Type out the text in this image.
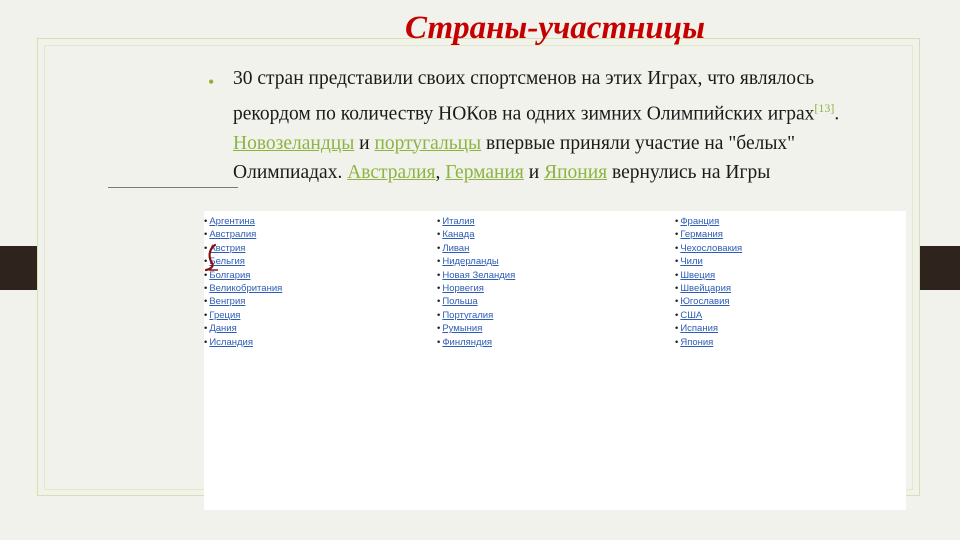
Страны-участницы
• 30 стран представили своих спортсменов на этих Играх, что являлось рекордом по количеству НОКов на одних зимних Олимпийских играх[13]. Новозеландцы и португальцы впервые приняли участие на "белых" Олимпиадах. Австралия, Германия и Япония вернулись на Игры

• Аргентина
• Австралия
• Австрия
• Бельгия
• Болгария
• Великобритания
• Венгрия
• Греция
• Дания
• Исландия
• Италия
• Канада
• Ливан
• Нидерланды
• Новая Зеландия
• Норвегия
• Польша
• Португалия
• Румыния
• Финляндия
• Франция
• Германия
• Чехословакия
• Чили
• Швеция
• Швейцария
• Югославия
• США
• Испания
• Япония
